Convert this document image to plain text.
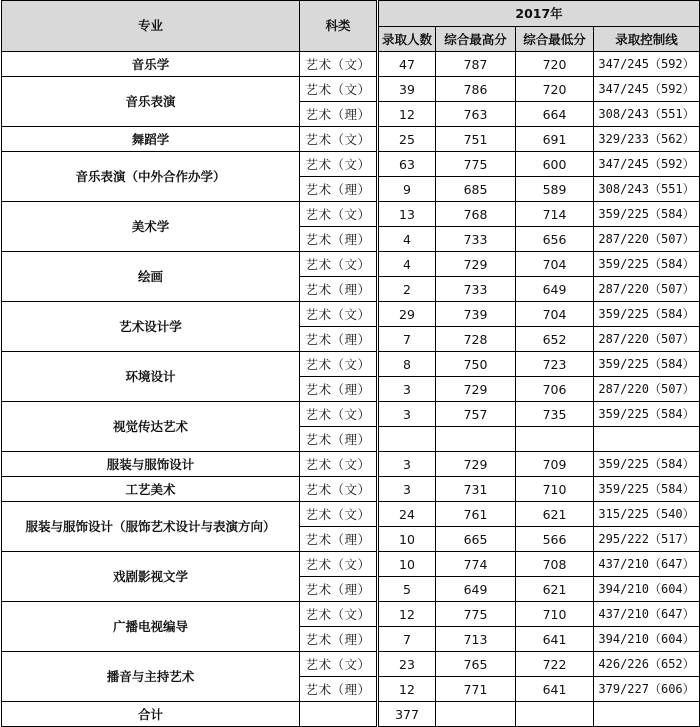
专业	科类	2017年			
		录取人数	综合最高分	综合最低分	录取控制线
音乐学	艺术（文）	47	787	720	347/245（592）
音乐表演	艺术（文）	39	786	720	347/245（592）
	艺术（理）	12	763	664	308/243（551）
舞蹈学	艺术（文）	25	751	691	329/233（562）
音乐表演（中外合作办学）	艺术（文）	63	775	600	347/245（592）
	艺术（理）	9	685	589	308/243（551）
美术学	艺术（文）	13	768	714	359/225（584）
	艺术（理）	4	733	656	287/220（507）
绘画	艺术（文）	4	729	704	359/225（584）
	艺术（理）	2	733	649	287/220（507）
艺术设计学	艺术（文）	29	739	704	359/225（584）
	艺术（理）	7	728	652	287/220（507）
环境设计	艺术（文）	8	750	723	359/225（584）
	艺术（理）	3	729	706	287/220（507）
视觉传达艺术	艺术（文）	3	757	735	359/225（584）
	艺术（理）				
服装与服饰设计	艺术（文）	3	729	709	359/225（584）
工艺美术	艺术（文）	3	731	710	359/225（584）
服装与服饰设计（服饰艺术设计与表演方向）	艺术（文）	24	761	621	315/225（540）
	艺术（理）	10	665	566	295/222（517）
戏剧影视文学	艺术（文）	10	774	708	437/210（647）
	艺术（理）	5	649	621	394/210（604）
广播电视编导	艺术（文）	12	775	710	437/210（647）
	艺术（理）	7	713	641	394/210（604）
播音与主持艺术	艺术（文）	23	765	722	426/226（652）
	艺术（理）	12	771	641	379/227（606）
合计		377			
